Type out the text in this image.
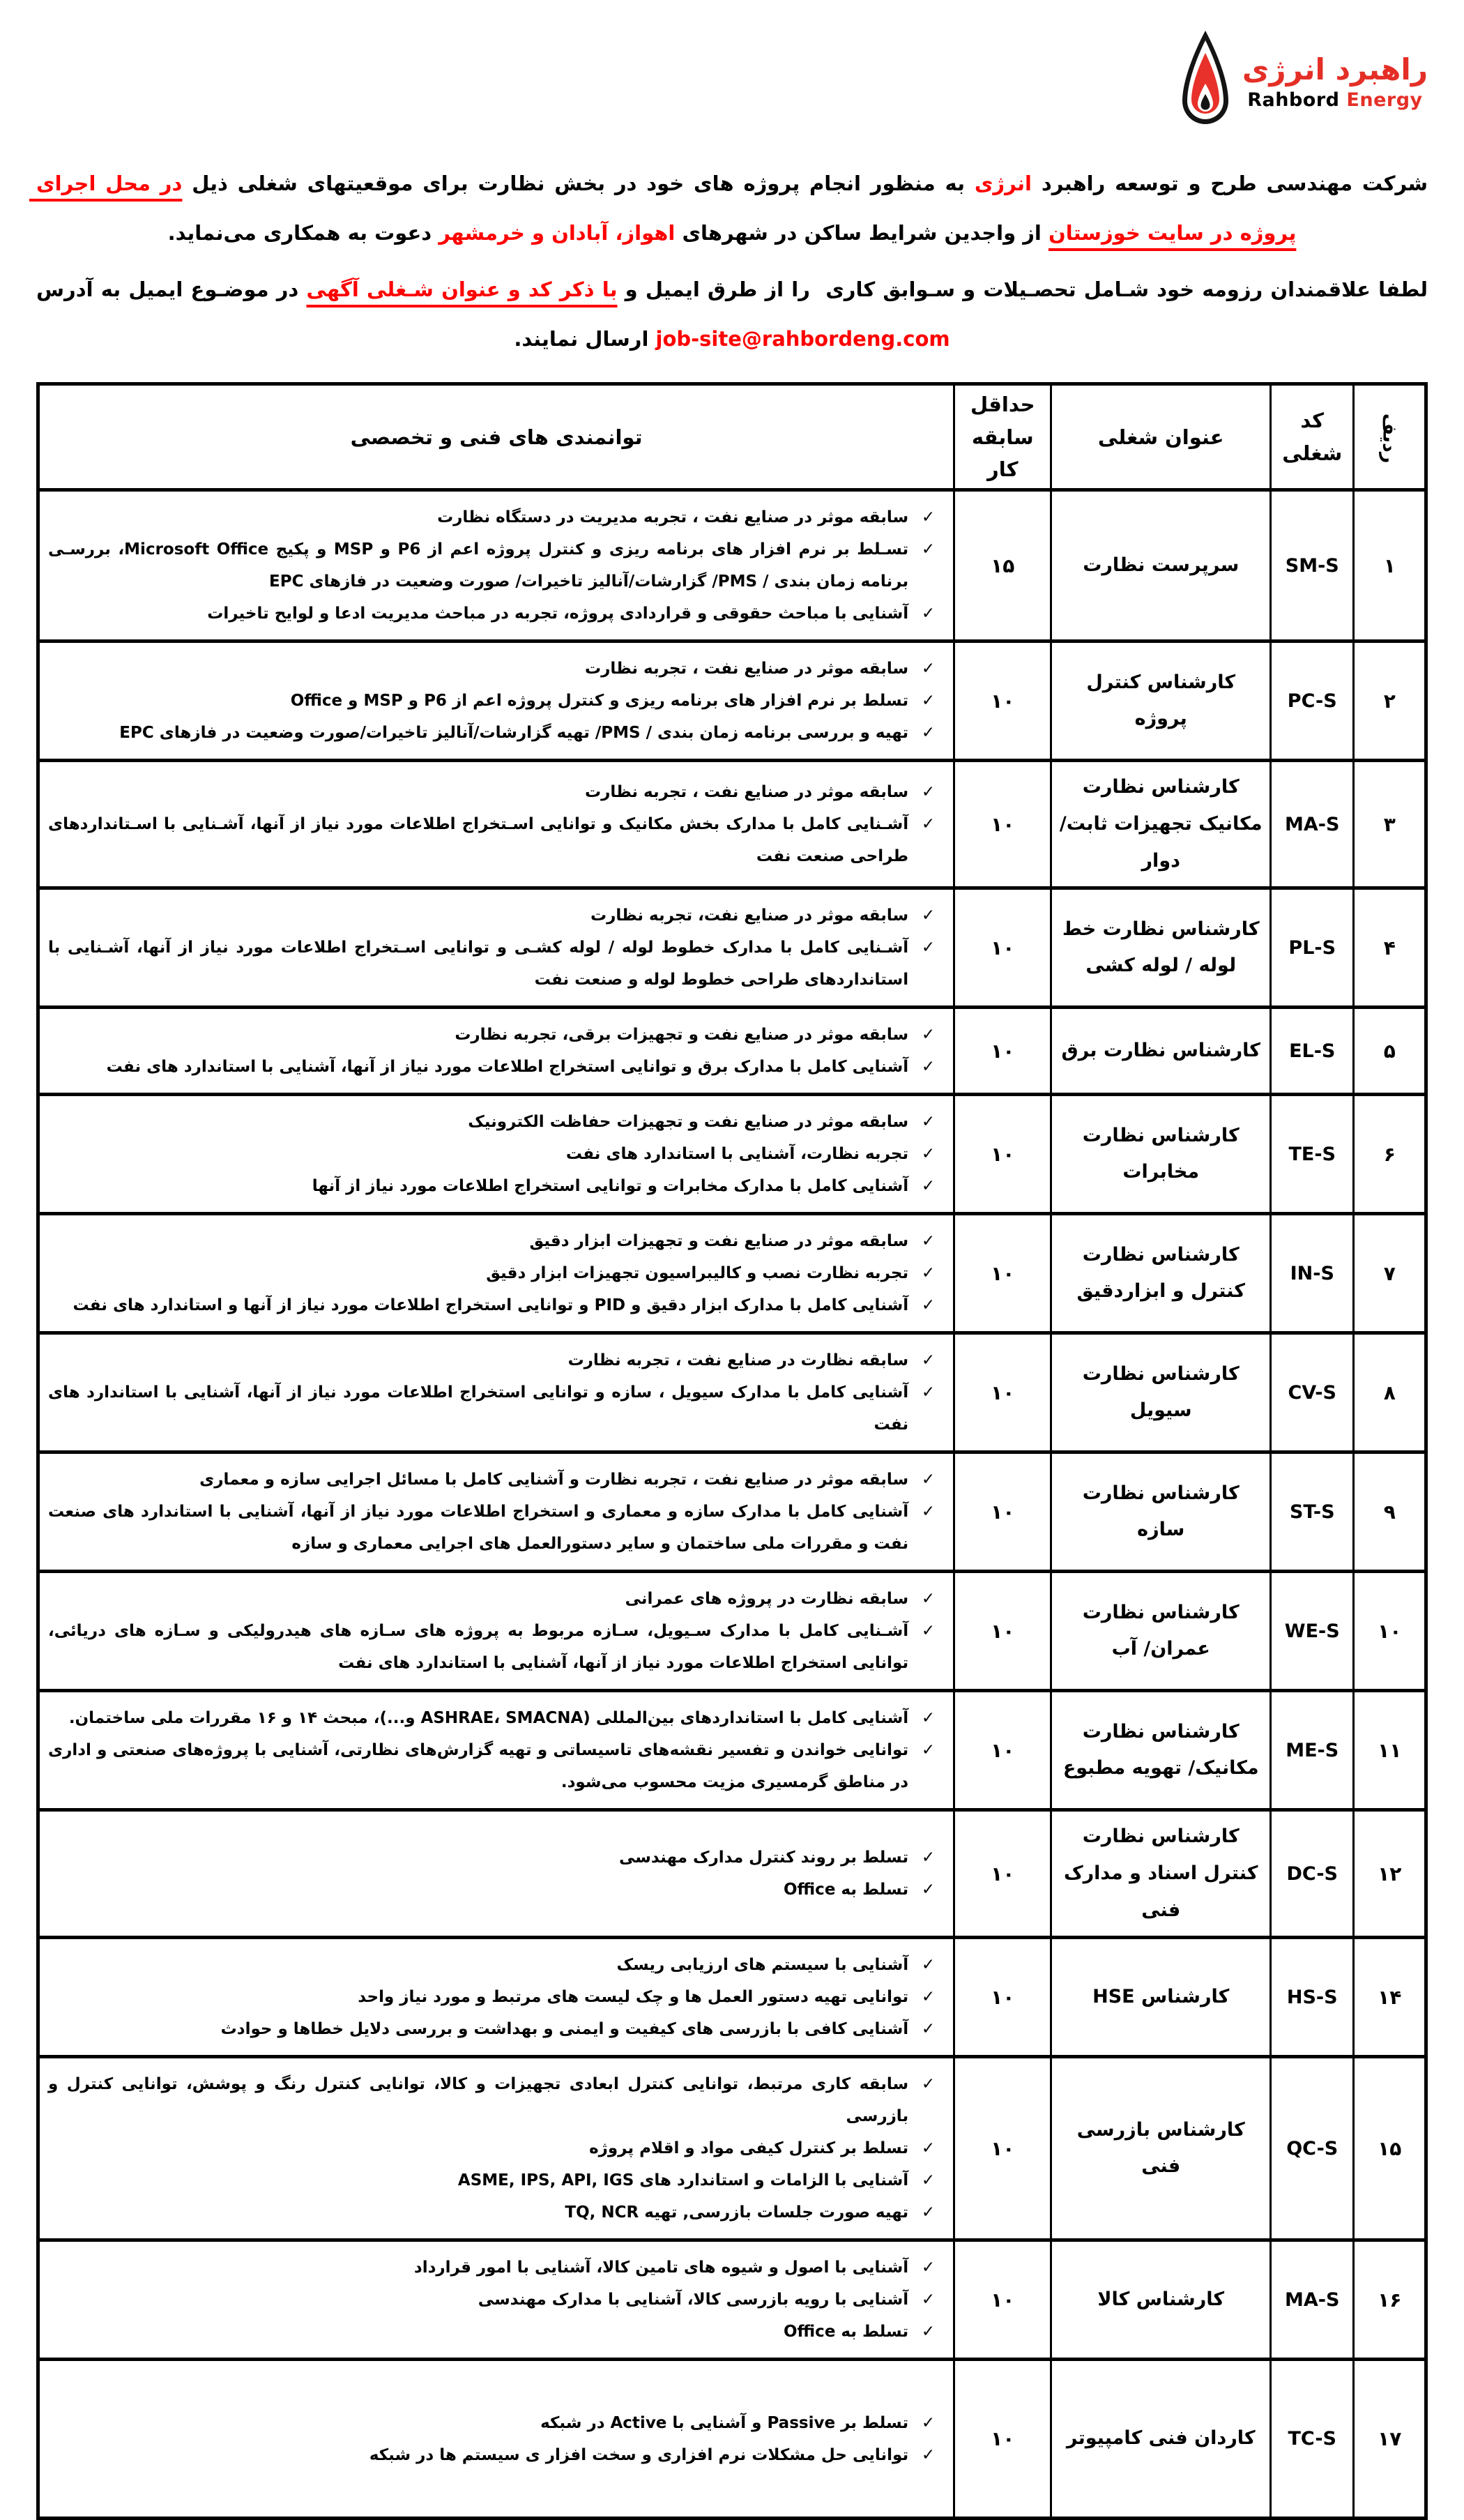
راهبرد انرژی
Rahbord Energy

شرکت مهندسی طرح و توسعه راهبرد انرژی به منظور انجام پروژه های خود در بخش نظارت برای موقعیتهای شغلی ذیل در محل اجرای پروژه در سایت خوزستان از واجدین شرایط ساکن در شهرهای اهواز، آبادان و خرمشهر دعوت به همکاری می‌نماید.

لطفا علاقمندان رزومه خود شـامل تحصـیلات و سـوابق کاری  را از طرق ایمیل و با ذکر کد و عنوان شـغلی آگهی در موضـوع ایمیل به آدرس job-site@rahbordeng.com ارسال نمایند.

ردیف	کد شغلی	عنوان شغلی	حداقل سابقه کار	توانمندی های فنی و تخصصی
۱	SM-S	سرپرست نظارت	۱۵	✓ سابقه موثر در صنایع نفت ، تجربه مدیریت در دستگاه نظارت
✓ تسـلط بر نرم افزار های برنامه ریزی و کنترل پروژه اعم از P6 و MSP و پکیج Microsoft Office، بررسـی برنامه زمان بندی / PMS/ گزارشات/آنالیز تاخیرات/ صورت وضعیت در فازهای EPC
✓ آشنایی با مباحث حقوقی و قراردادی پروژه، تجربه در مباحث مدیریت ادعا و لوایح تاخیرات

۲	PC-S	کارشناس کنترل پروژه	۱۰	✓ سابقه موثر در صنایع نفت ، تجربه نظارت
✓ تسلط بر نرم افزار های برنامه ریزی و کنترل پروژه اعم از P6 و MSP و Office
✓ تهیه و بررسی برنامه زمان بندی / PMS/ تهیه گزارشات/آنالیز تاخیرات/صورت وضعیت در فازهای EPC

۳	MA-S	کارشناس نظارت مکانیک تجهیزات ثابت/ دوار	۱۰	✓ سابقه موثر در صنایع نفت ، تجربه نظارت
✓ آشـنایی کامل با مدارک بخش مکانیک و توانایی اسـتخراج اطلاعات مورد نیاز از آنها، آشـنایی با اسـتانداردهای طراحی صنعت نفت

۴	PL-S	کارشناس نظارت خط لوله / لوله کشی	۱۰	✓ سابقه موثر در صنایع نفت، تجربه نظارت
✓ آشـنایی کامل با مدارک خطوط لوله / لوله کشـی و توانایی اسـتخراج اطلاعات مورد نیاز از آنها، آشـنایی با استانداردهای طراحی خطوط لوله و صنعت نفت

۵	EL-S	کارشناس نظارت برق	۱۰	✓ سابقه موثر در صنایع نفت و تجهیزات برقی، تجربه نظارت
✓ آشنایی کامل با مدارک برق و توانایی استخراج اطلاعات مورد نیاز از آنها، آشنایی با استاندارد های نفت

۶	TE-S	کارشناس نظارت مخابرات	۱۰	✓ سابقه موثر در صنایع نفت و تجهیزات حفاظت الکترونیک
✓ تجربه نظارت، آشنایی با استاندارد های نفت
✓ آشنایی کامل با مدارک مخابرات و توانایی استخراج اطلاعات مورد نیاز از آنها

۷	IN-S	کارشناس نظارت کنترل و ابزاردقیق	۱۰	✓ سابقه موثر در صنایع نفت و تجهیزات ابزار دقیق
✓ تجربه نظارت نصب و کالیبراسیون تجهیزات ابزار دقیق
✓ آشنایی کامل با مدارک ابزار دقیق و PID و توانایی استخراج اطلاعات مورد نیاز از آنها و استاندارد های نفت

۸	CV-S	کارشناس نظارت سیویل	۱۰	✓ سابقه نظارت در صنایع نفت ، تجربه نظارت
✓ آشنایی کامل با مدارک سیویل ، سازه و توانایی استخراج اطلاعات مورد نیاز از آنها، آشنایی با استاندارد های نفت

۹	ST-S	کارشناس نظارت سازه	۱۰	✓ سابقه موثر در صنایع نفت ، تجربه نظارت و آشنایی کامل با مسائل اجرایی سازه و معماری
✓ آشنایی کامل با مدارک سازه و معماری و استخراج اطلاعات مورد نیاز از آنها، آشنایی با استاندارد های صنعت نفت و مقررات ملی ساختمان و سایر دستورالعمل های اجرایی معماری و سازه

۱۰	WE-S	کارشناس نظارت عمران/ آب	۱۰	✓ سابقه نظارت در پروژه های عمرانی
✓ آشـنایی کامل با مدارک سـیویل، سـازه مربوط به پروژه های سـازه های هیدرولیکی و سـازه های دریائی، توانایی استخراج اطلاعات مورد نیاز از آنها، آشنایی با استاندارد های نفت

۱۱	ME-S	کارشناس نظارت مکانیک/ تهویه مطبوع	۱۰	✓ آشنایی کامل با استانداردهای بین‌المللی (ASHRAE، SMACNA و...)، مبحث ۱۴ و ۱۶ مقررات ملی ساختمان.
✓ توانایی خواندن و تفسیر نقشه‌های تاسیساتی و تهیه گزارش‌های نظارتی، آشنایی با پروژه‌های صنعتی و اداری در مناطق گرمسیری مزیت محسوب می‌شود.

۱۲	DC-S	کارشناس نظارت کنترل اسناد و مدارک فنی	۱۰	✓ تسلط بر روند کنترل مدارک مهندسی
✓ تسلط به Office

۱۴	HS-S	کارشناس HSE	۱۰	✓ آشنایی با سیستم های ارزیابی ریسک
✓ توانایی تهیه دستور العمل ها و چک لیست های مرتبط و مورد نیاز واحد
✓ آشنایی کافی با بازرسی های کیفیت و ایمنی و بهداشت و بررسی دلایل خطاها و حوادث

۱۵	QC-S	کارشناس بازرسی فنی	۱۰	✓ سابقه کاری مرتبط، توانایی کنترل ابعادی تجهیزات و کالا، توانایی کنترل رنگ و پوشش، توانایی کنترل و بازرسی
✓ تسلط بر کنترل کیفی مواد و اقلام پروژه
✓ آشنایی با الزامات و استاندارد های ASME, IPS, API, IGS
✓ تهیه صورت جلسات بازرسی, تهیه TQ, NCR

۱۶	MA-S	کارشناس کالا	۱۰	✓ آشنایی با اصول و شیوه های تامین کالا، آشنایی با امور قرارداد
✓ آشنایی با رویه بازرسی کالا، آشنایی با مدارک مهندسی
✓ تسلط به Office

۱۷	TC-S	کاردان فنی کامپیوتر	۱۰	✓ تسلط بر Passive و آشنایی با Active در شبکه
✓ توانایی حل مشکلات نرم افزاری و سخت افزار ی سیستم ها در شبکه
